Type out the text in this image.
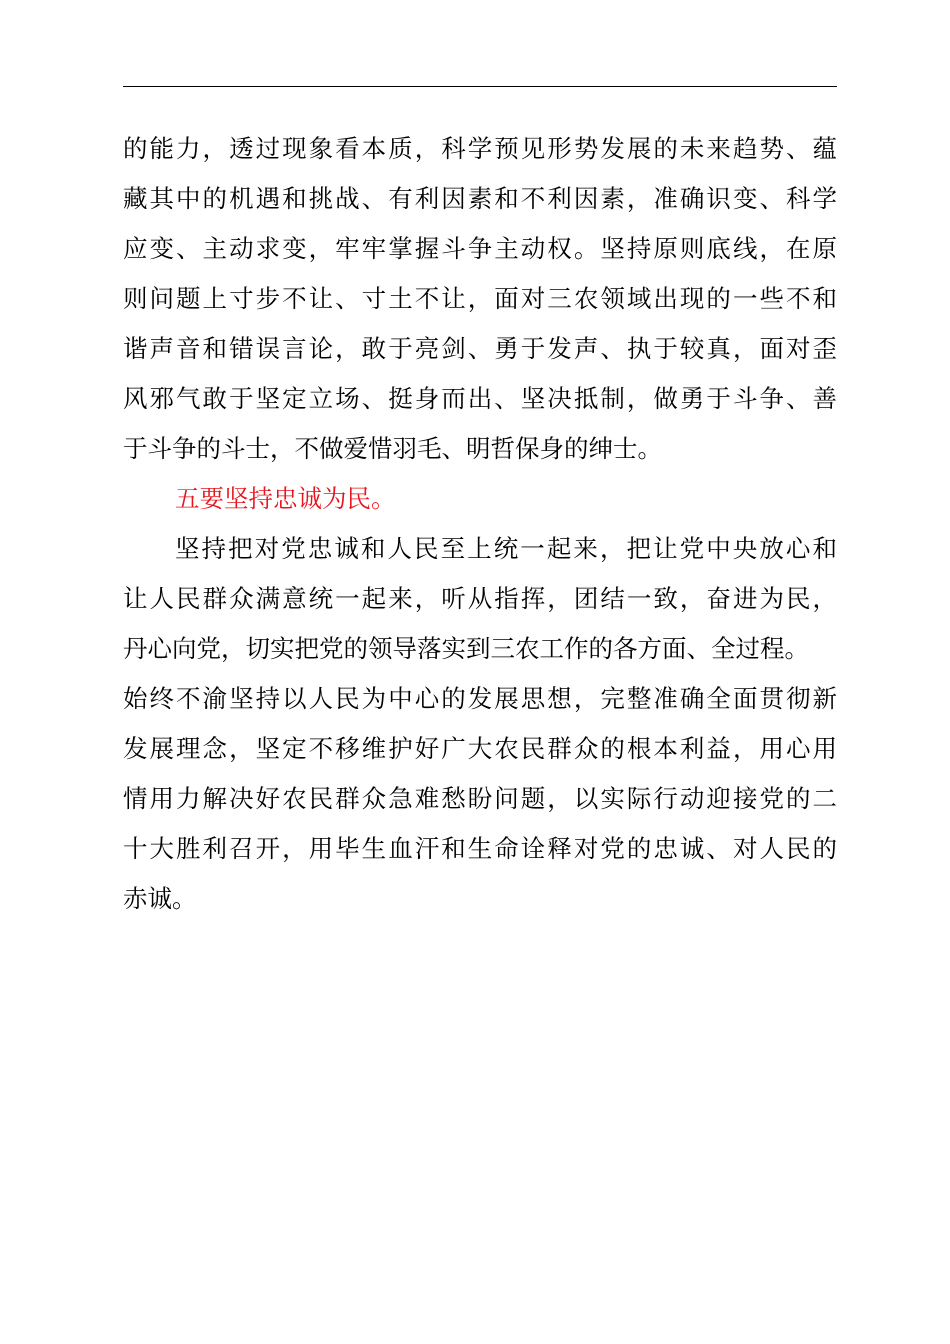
的能力，透过现象看本质，科学预见形势发展的未来趋势、蕴
藏其中的机遇和挑战、有利因素和不利因素，准确识变、科学
应变、主动求变，牢牢掌握斗争主动权。坚持原则底线，在原
则问题上寸步不让、寸土不让，面对三农领域出现的一些不和
谐声音和错误言论，敢于亮剑、勇于发声、执于较真，面对歪
风邪气敢于坚定立场、挺身而出、坚决抵制，做勇于斗争、善
于斗争的斗士，不做爱惜羽毛、明哲保身的绅士。
五要坚持忠诚为民。
坚持把对党忠诚和人民至上统一起来，把让党中央放心和
让人民群众满意统一起来，听从指挥，团结一致，奋进为民，
丹心向党，切实把党的领导落实到三农工作的各方面、全过程。
始终不渝坚持以人民为中心的发展思想，完整准确全面贯彻新
发展理念，坚定不移维护好广大农民群众的根本利益，用心用
情用力解决好农民群众急难愁盼问题，以实际行动迎接党的二
十大胜利召开，用毕生血汗和生命诠释对党的忠诚、对人民的
赤诚。
